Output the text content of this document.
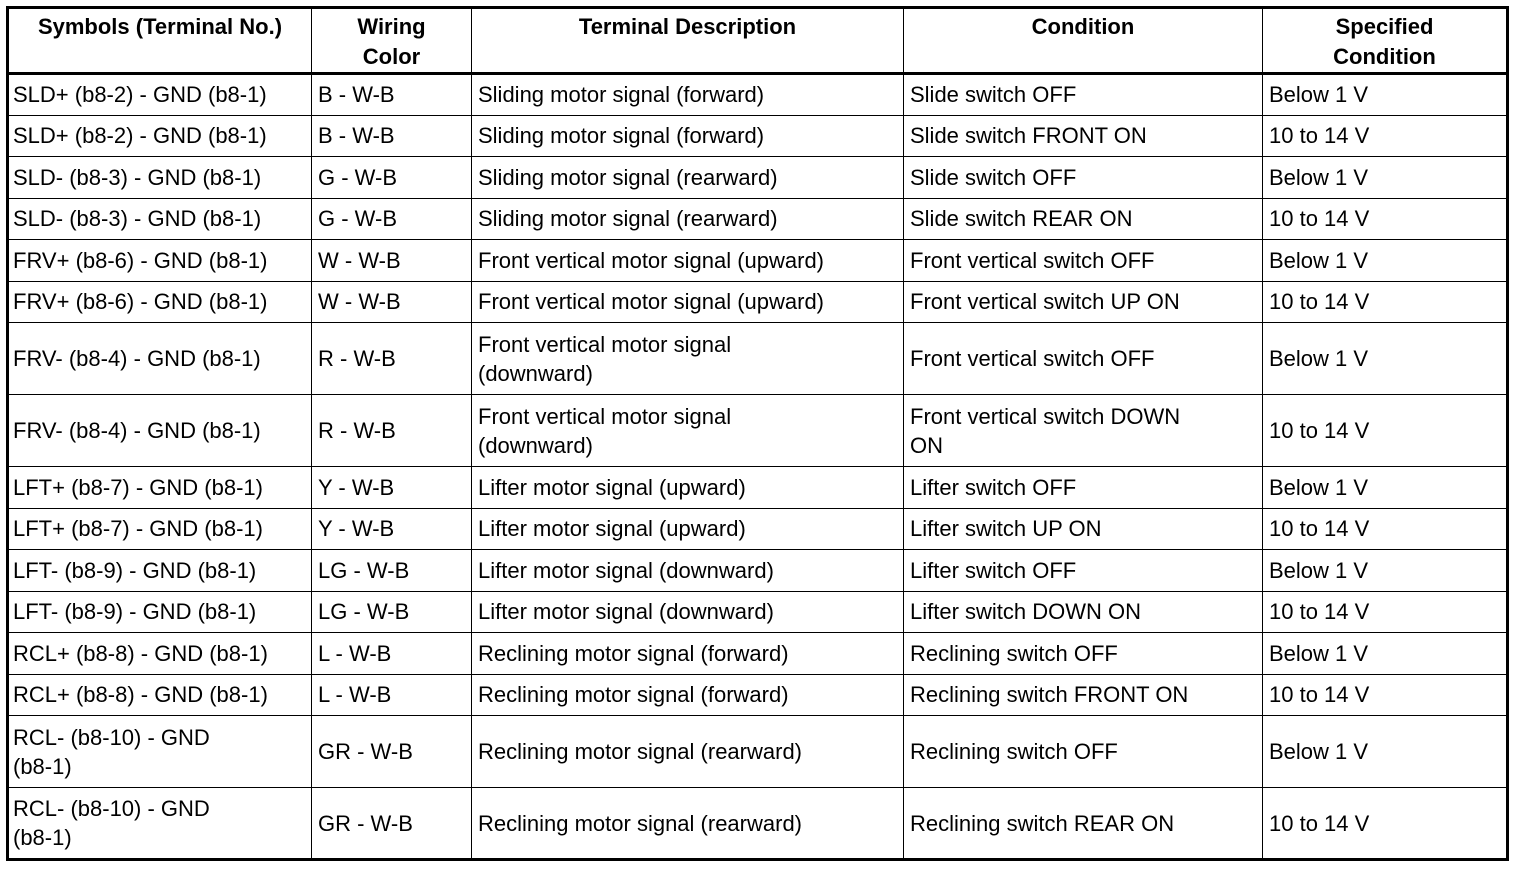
Symbols (Terminal No.)	Wiring
Color	Terminal Description	Condition	Specified
Condition

SLD+ (b8-2) - GND (b8-1)	B - W-B	Sliding motor signal (forward)	Slide switch OFF	Below 1 V
SLD+ (b8-2) - GND (b8-1)	B - W-B	Sliding motor signal (forward)	Slide switch FRONT ON	10 to 14 V
SLD- (b8-3) - GND (b8-1)	G - W-B	Sliding motor signal (rearward)	Slide switch OFF	Below 1 V
SLD- (b8-3) - GND (b8-1)	G - W-B	Sliding motor signal (rearward)	Slide switch REAR ON	10 to 14 V
FRV+ (b8-6) - GND (b8-1)	W - W-B	Front vertical motor signal (upward)	Front vertical switch OFF	Below 1 V
FRV+ (b8-6) - GND (b8-1)	W - W-B	Front vertical motor signal (upward)	Front vertical switch UP ON	10 to 14 V
FRV- (b8-4) - GND (b8-1)	R - W-B	Front vertical motor signal
(downward)	Front vertical switch OFF	Below 1 V
FRV- (b8-4) - GND (b8-1)	R - W-B	Front vertical motor signal
(downward)	Front vertical switch DOWN
ON	10 to 14 V
LFT+ (b8-7) - GND (b8-1)	Y - W-B	Lifter motor signal (upward)	Lifter switch OFF	Below 1 V
LFT+ (b8-7) - GND (b8-1)	Y - W-B	Lifter motor signal (upward)	Lifter switch UP ON	10 to 14 V
LFT- (b8-9) - GND (b8-1)	LG - W-B	Lifter motor signal (downward)	Lifter switch OFF	Below 1 V
LFT- (b8-9) - GND (b8-1)	LG - W-B	Lifter motor signal (downward)	Lifter switch DOWN ON	10 to 14 V
RCL+ (b8-8) - GND (b8-1)	L - W-B	Reclining motor signal (forward)	Reclining switch OFF	Below 1 V
RCL+ (b8-8) - GND (b8-1)	L - W-B	Reclining motor signal (forward)	Reclining switch FRONT ON	10 to 14 V

RCL- (b8-10) - GND
(b8-1)	GR - W-B	Reclining motor signal (rearward)	Reclining switch OFF	Below 1 V

RCL- (b8-10) - GND
(b8-1)	GR - W-B	Reclining motor signal (rearward)	Reclining switch REAR ON	10 to 14 V
